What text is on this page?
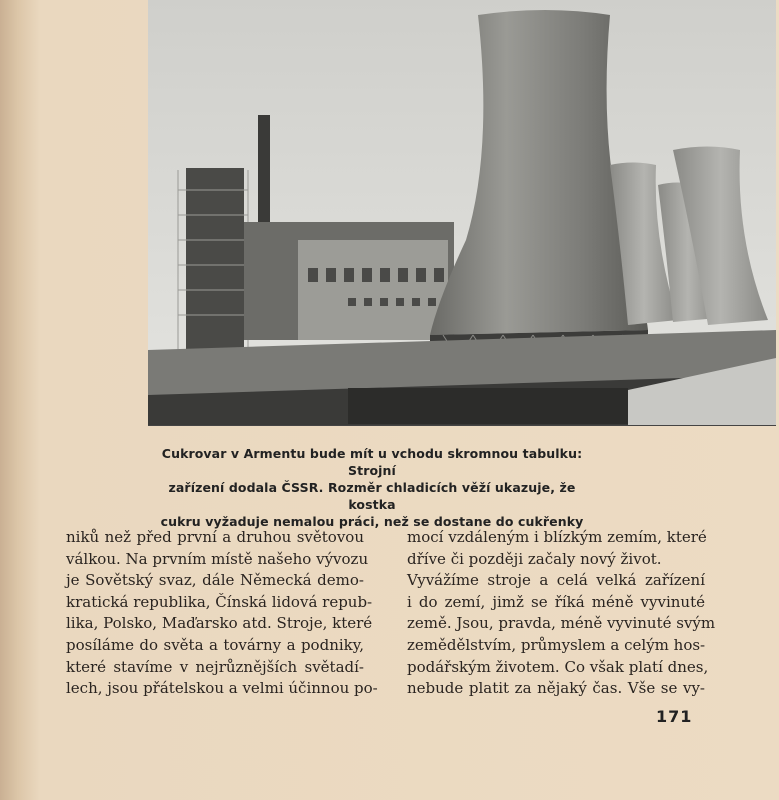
Cukrovar v Armentu bude mít u vchodu skromnou tabulku: Strojní
zařízení dodala ČSSR. Rozměr chladicích věží ukazuje, že kostka
cukru vyžaduje nemalou práci, než se dostane do cukřenky
niků než před první a druhou světovou
válkou. Na prvním místě našeho vývozu
je Sovětský svaz, dále Německá demo-
kratická republika, Čínská lidová repub-
lika, Polsko, Maďarsko atd. Stroje, které
posíláme do světa a továrny a podniky,
které stavíme v nejrůznějších světadí-
lech, jsou přátelskou a velmi účinnou po-
mocí vzdáleným i blízkým zemím, které
dříve či později začaly nový život.
Vyvážíme stroje a celá velká zařízení
i do zemí, jimž se říká méně vyvinuté
země. Jsou, pravda, méně vyvinuté svým
zemědělstvím, průmyslem a celým hos-
podářským životem. Co však platí dnes,
nebude platit za nějaký čas. Vše se vy-
171
